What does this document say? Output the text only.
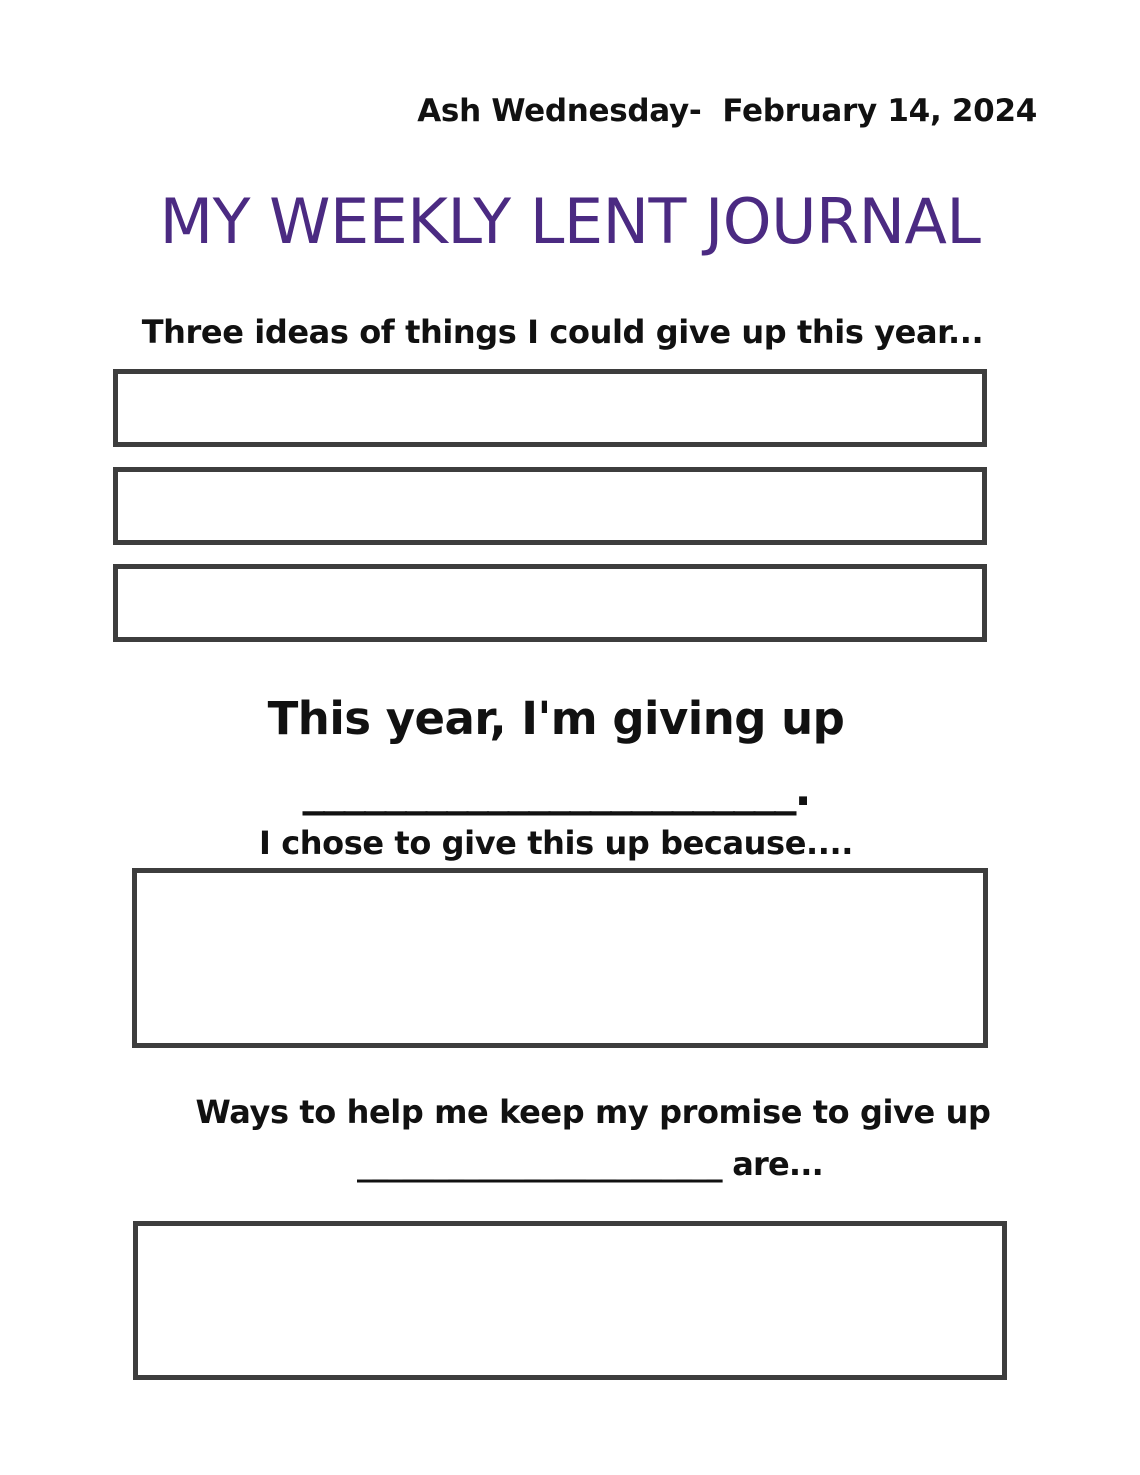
Ash Wednesday-  February 14, 2024
MY WEEKLY LENT JOURNAL
Three ideas of things I could give up this year...
This year, I'm giving up
________________________.
I chose to give this up because....
Ways to help me keep my promise to give up
________________________ are...
